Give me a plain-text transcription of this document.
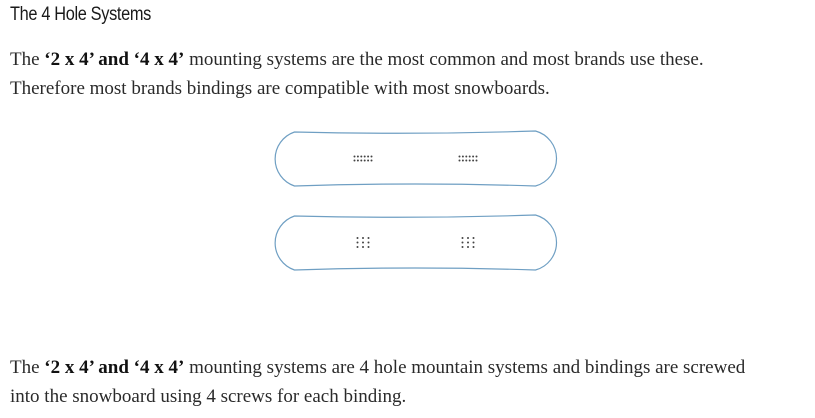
The 4 Hole Systems

The ‘2 x 4’ and ‘4 x 4’ mounting systems are the most common and most brands use these.
Therefore most brands bindings are compatible with most snowboards.

The ‘2 x 4’ and ‘4 x 4’ mounting systems are 4 hole mountain systems and bindings are screwed
into the snowboard using 4 screws for each binding.
